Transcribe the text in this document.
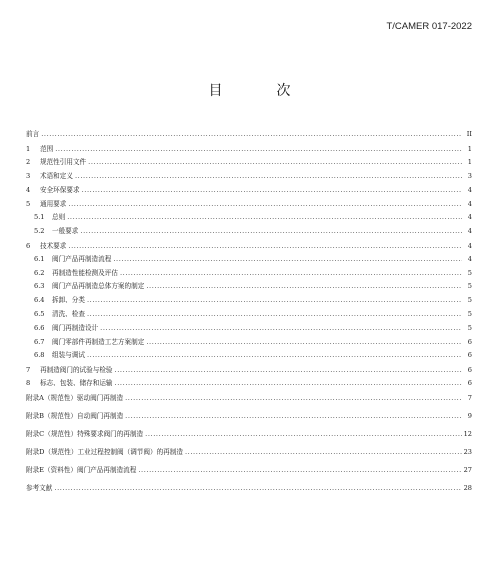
T/CAMER 017-2022
目　次
前言 .....	II
1	范围 .....	1
2	规范性引用文件 .....	1
3	术语和定义 .....	3
4	安全环保要求 .....	4
5	通用要求 .....	4
5.1	总则 .....	4
5.2	一般要求 .....	4
6	技术要求 .....	4
6.1	阀门产品再制造流程 .....	4
6.2	再制造性能检测及评估 .....	5
6.3	阀门产品再制造总体方案的制定 .....	5
6.4	拆卸、分类 .....	5
6.5	清洗、检查 .....	5
6.6	阀门再制造设计 .....	5
6.7	阀门零部件再制造工艺方案制定 .....	6
6.8	组装与调试 .....	6
7	再制造阀门的试验与检验 .....	6
8	标志、包装、储存和运输 .....	6
附录A（规范性）驱动阀门再制造 .....	7
附录B（规范性）自动阀门再制造 .....	9
附录C（规范性）特殊要求阀门的再制造 .....	12
附录D（规范性）工业过程控制阀（调节阀）的再制造 .....	23
附录E（资料性）阀门产品再制造流程 .....	27
参考文献 .....	28
